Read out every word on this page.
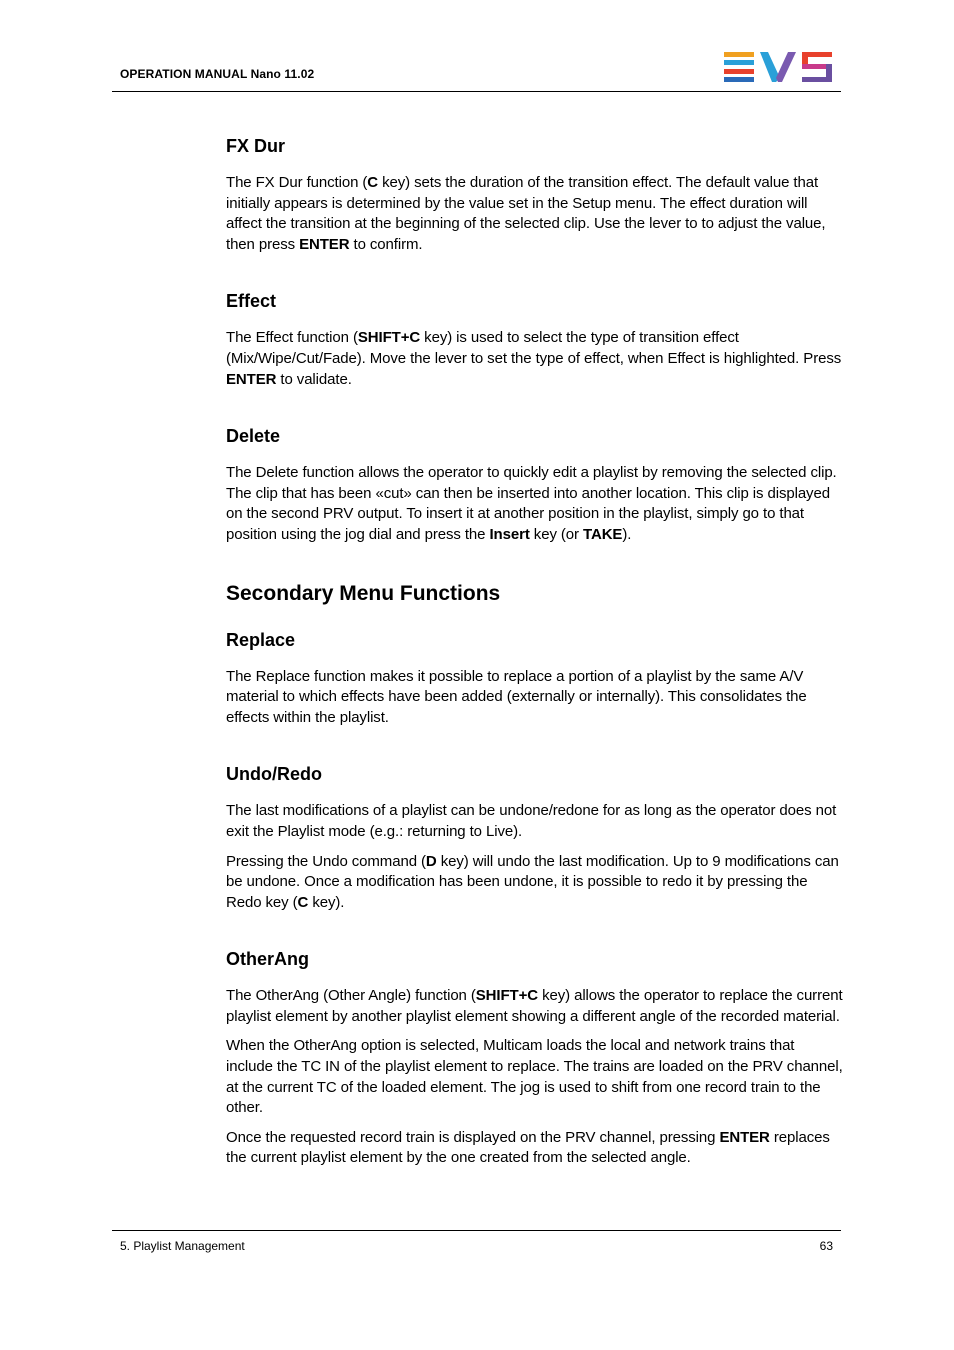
OPERATION MANUAL Nano 11.02
FX Dur

The FX Dur function (C key) sets the duration of the transition effect. The default value that initially appears is determined by the value set in the Setup menu. The effect duration will affect the transition at the beginning of the selected clip. Use the lever to to adjust the value, then press ENTER to confirm.

Effect

The Effect function (SHIFT+C key) is used to select the type of transition effect (Mix/Wipe/Cut/Fade). Move the lever to set the type of effect, when Effect is highlighted. Press ENTER to validate.

Delete

The Delete function allows the operator to quickly edit a playlist by removing the selected clip. The clip that has been «cut» can then be inserted into another location. This clip is displayed on the second PRV output. To insert it at another position in the playlist, simply go to that position using the jog dial and press the Insert key (or TAKE).

Secondary Menu Functions
Replace

The Replace function makes it possible to replace a portion of a playlist by the same A/V material to which effects have been added (externally or internally). This consolidates the effects within the playlist.

Undo/Redo

The last modifications of a playlist can be undone/redone for as long as the operator does not exit the Playlist mode (e.g.: returning to Live).

Pressing the Undo command (D key) will undo the last modification. Up to 9 modifications can be undone. Once a modification has been undone, it is possible to redo it by pressing the Redo key (C key).

OtherAng

The OtherAng (Other Angle) function (SHIFT+C key) allows the operator to replace the current playlist element by another playlist element showing a different angle of the recorded material.

When the OtherAng option is selected, Multicam loads the local and network trains that include the TC IN of the playlist element to replace. The trains are loaded on the PRV channel, at the current TC of the loaded element. The jog is used to shift from one record train to the other.

Once the requested record train is displayed on the PRV channel, pressing ENTER replaces the current playlist element by the one created from the selected angle.

5. Playlist Management	63
